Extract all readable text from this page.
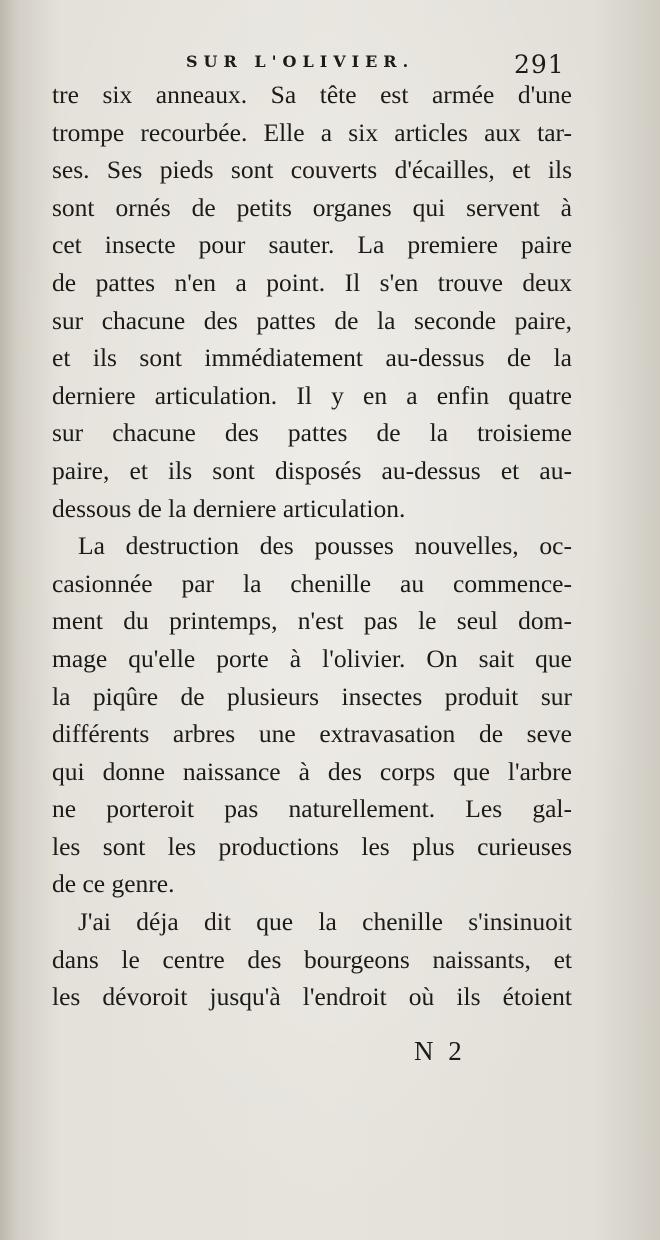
SUR L'OLIVIER.	291
tre six anneaux. Sa tête est armée d'une
trompe recourbée. Elle a six articles aux tar-
ses. Ses pieds sont couverts d'écailles, et ils
sont ornés de petits organes qui servent à
cet insecte pour sauter. La premiere paire
de pattes n'en a point. Il s'en trouve deux
sur chacune des pattes de la seconde paire,
et ils sont immédiatement au-dessus de la
derniere articulation. Il y en a enfin quatre
sur chacune des pattes de la troisieme
paire, et ils sont disposés au-dessus et au-
dessous de la derniere articulation.
La destruction des pousses nouvelles, oc-
casionnée par la chenille au commence-
ment du printemps, n'est pas le seul dom-
mage qu'elle porte à l'olivier. On sait que
la piqûre de plusieurs insectes produit sur
différents arbres une extravasation de seve
qui donne naissance à des corps que l'arbre
ne porteroit pas naturellement. Les gal-
les sont les productions les plus curieuses
de ce genre.
J'ai déja dit que la chenille s'insinuoit
dans le centre des bourgeons naissants, et
les dévoroit jusqu'à l'endroit où ils étoient
N 2
